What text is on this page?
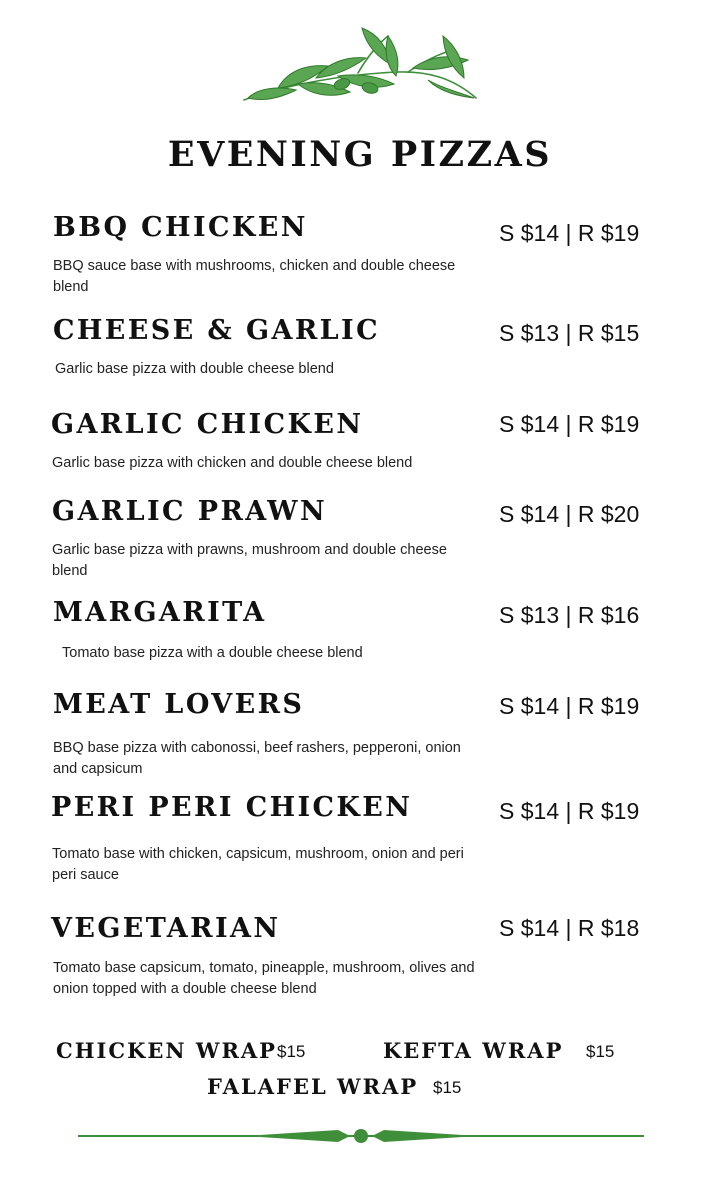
EVENING PIZZAS
BBQ CHICKEN	S $14 | R $19
BBQ sauce base with mushrooms, chicken and double cheese blend
CHEESE & GARLIC	S $13 | R $15
Garlic base pizza with double cheese blend
GARLIC CHICKEN	S $14 | R $19
Garlic base pizza with chicken and double cheese blend
GARLIC PRAWN	S $14 | R $20
Garlic base pizza with prawns, mushroom and double cheese blend
MARGARITA	S $13 | R $16
Tomato base pizza with a double cheese blend
MEAT LOVERS	S $14 | R $19
BBQ base pizza with cabonossi, beef rashers, pepperoni, onion and capsicum
PERI PERI CHICKEN	S $14 | R $19
Tomato base with chicken, capsicum, mushroom, onion and peri peri sauce
VEGETARIAN	S $14 | R $18
Tomato base capsicum, tomato, pineapple, mushroom, olives and onion topped with a double cheese blend
CHICKEN WRAP $15	KEFTA WRAP $15
FALAFEL WRAP $15
